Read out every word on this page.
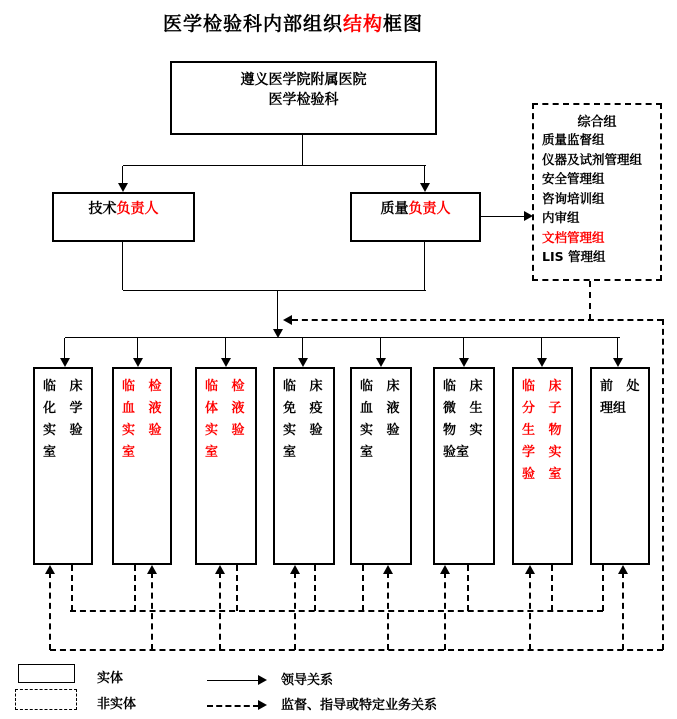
医学检验科内部组织结构框图
遵义医学院附属医院
医学检验科
技术负责人	质量负责人
综合组
质量监督组
仪器及试剂管理组
安全管理组
咨询培训组
内审组
文档管理组
LIS 管理组
临 床
化 学
实 验
室
临 检
血 液
实 验
室
临 检
体 液
实 验
室
临 床
免 疫
实 验
室
临 床
血 液
实 验
室
临 床
微 生
物 实
验室
临 床
分 子
生 物
学 实
验 室
前 处
理组
实体
非实体
领导关系
监督、指导或特定业务关系
